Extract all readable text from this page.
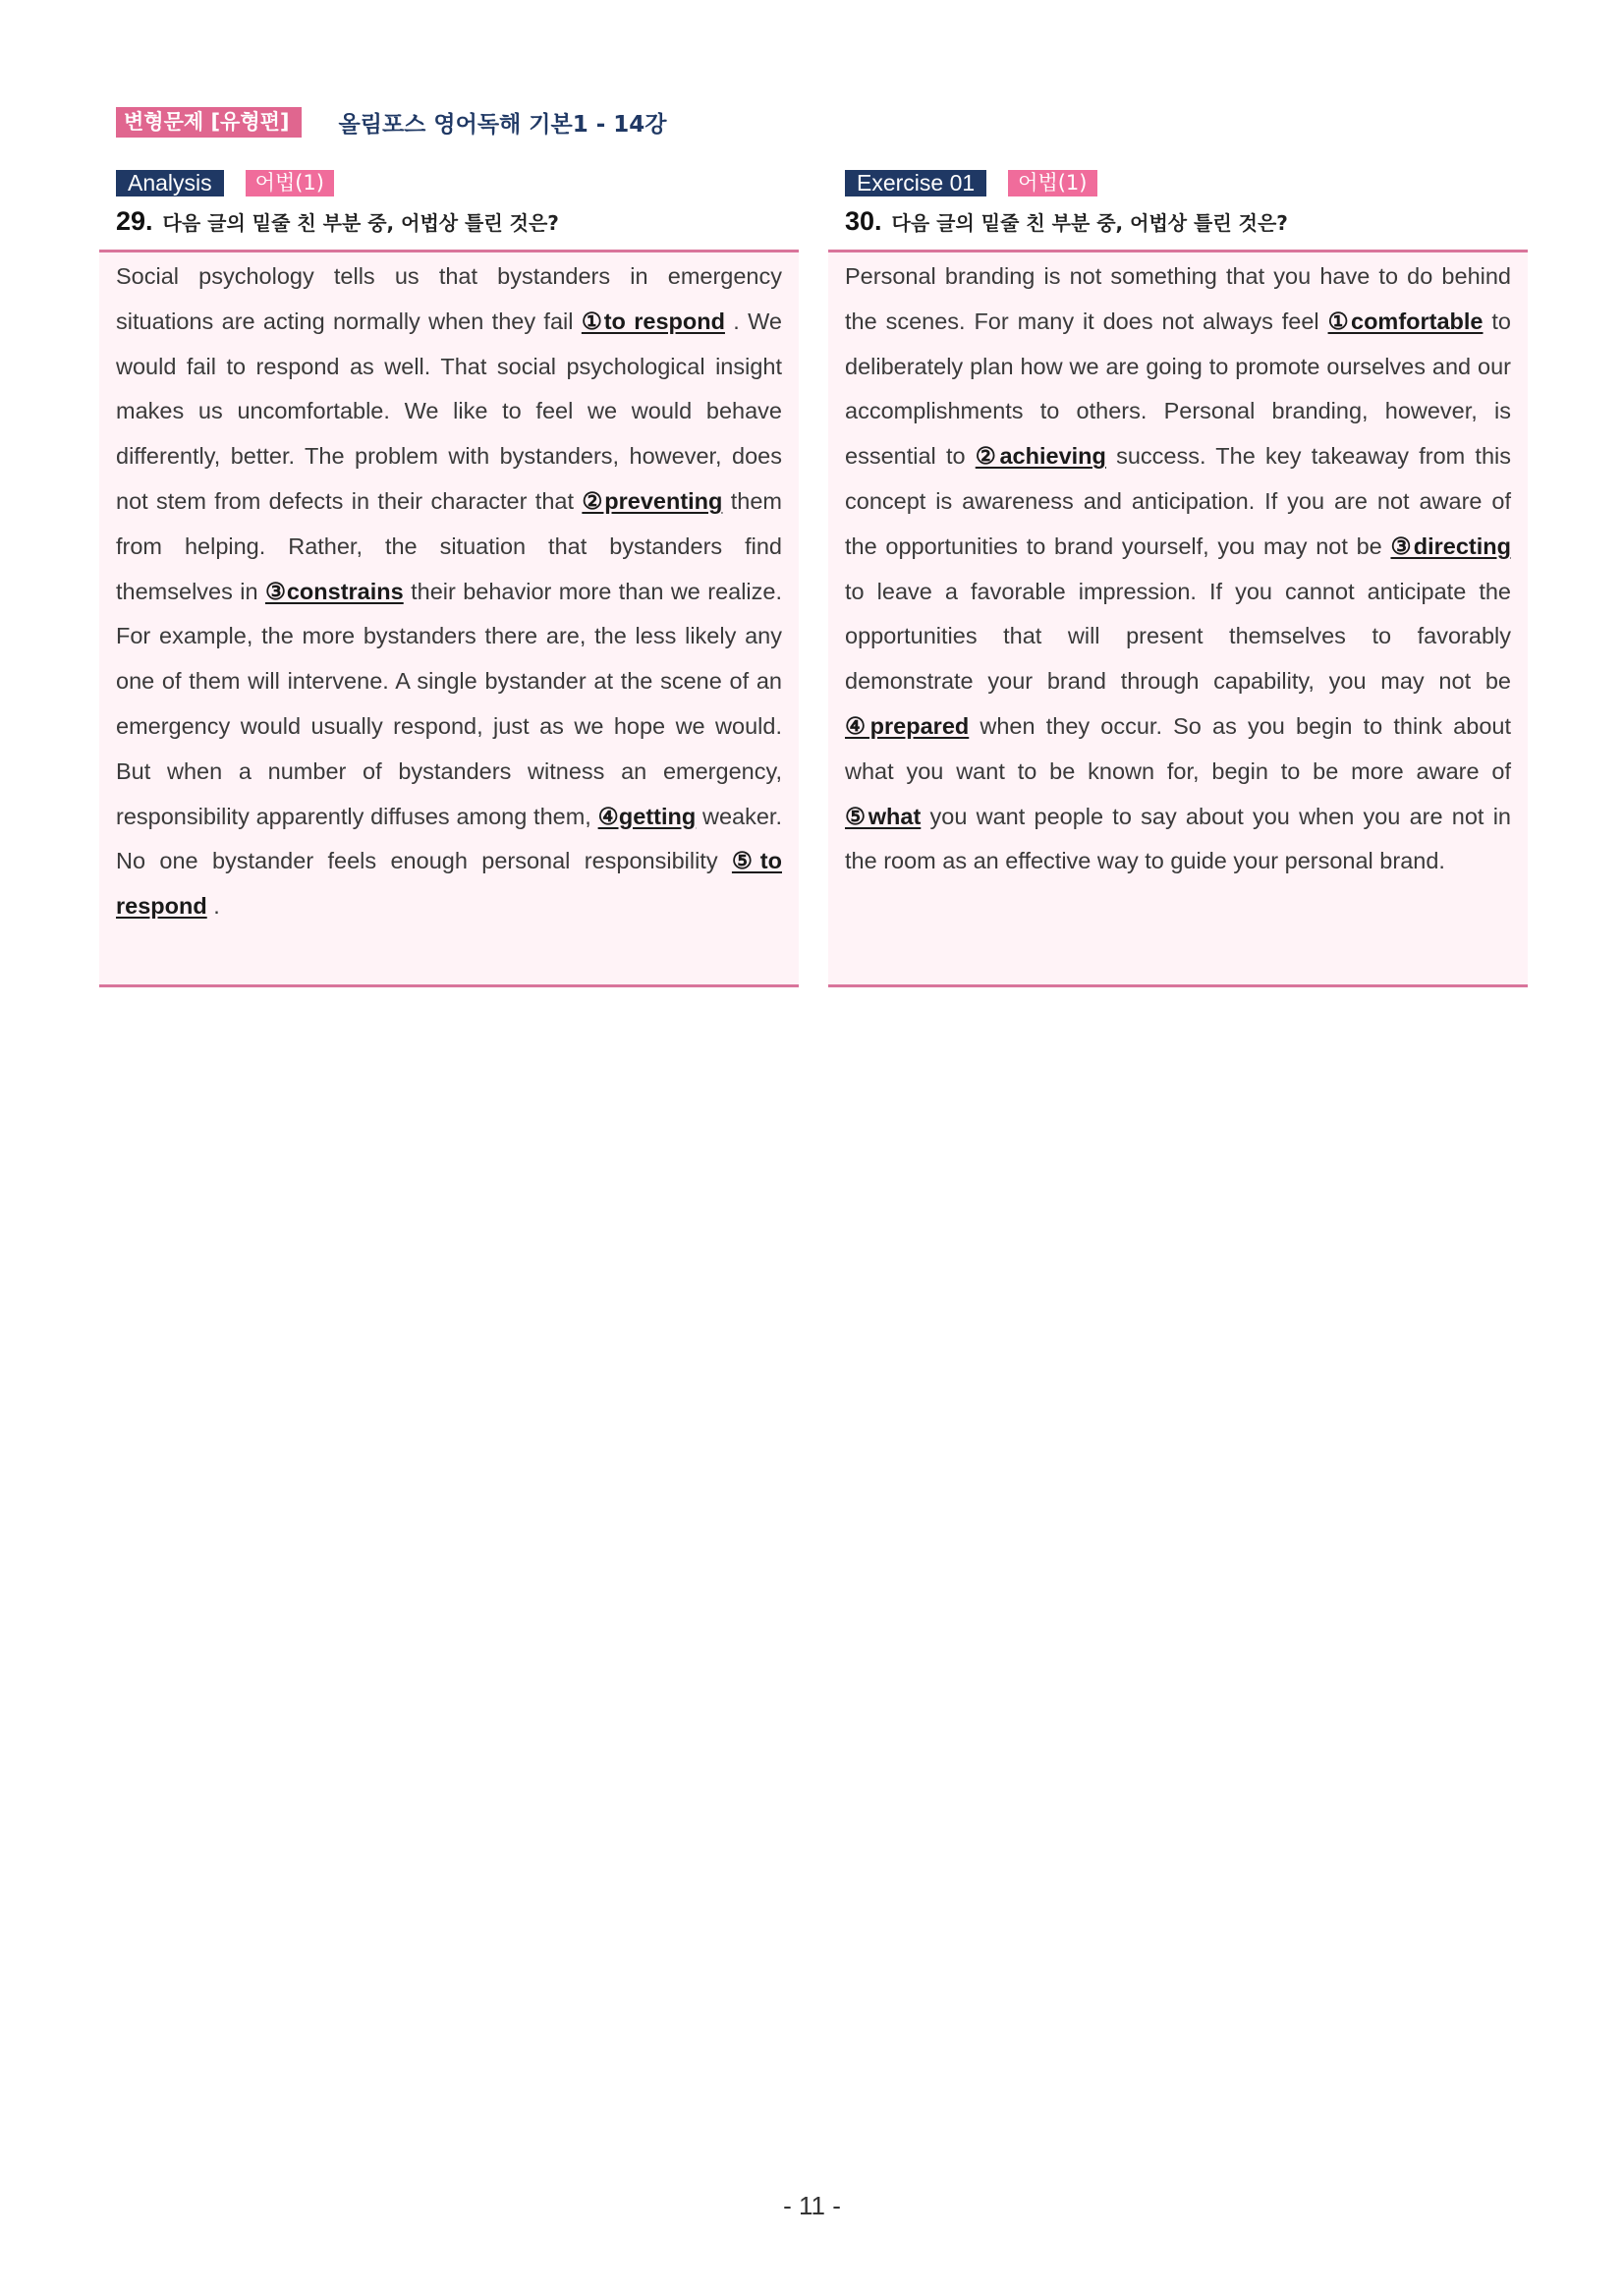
변형문제 [유형편]	올림포스 영어독해 기본1 - 14강
Analysis	어법(1)
29. 다음 글의 밑줄 친 부분 중, 어법상 틀린 것은?

Social psychology tells us that bystanders in emergency situations are acting normally when they fail ①to respond . We would fail to respond as well. That social psychological insight makes us uncomfortable. We like to feel we would behave differently, better. The problem with bystanders, however, does not stem from defects in their character that ②preventing them from helping. Rather, the situation that bystanders find themselves in ③constrains their behavior more than we realize. For example, the more bystanders there are, the less likely any one of them will intervene. A single bystander at the scene of an emergency would usually respond, just as we hope we would. But when a number of bystanders witness an emergency, responsibility apparently diffuses among them, ④getting weaker. No one bystander feels enough personal responsibility ⑤to respond .

Exercise 01	어법(1)
30. 다음 글의 밑줄 친 부분 중, 어법상 틀린 것은?

Personal branding is not something that you have to do behind the scenes. For many it does not always feel ①comfortable to deliberately plan how we are going to promote ourselves and our accomplishments to others. Personal branding, however, is essential to ②achieving success. The key takeaway from this concept is awareness and anticipation. If you are not aware of the opportunities to brand yourself, you may not be ③directing to leave a favorable impression. If you cannot anticipate the opportunities that will present themselves to favorably demonstrate your brand through capability, you may not be ④prepared when they occur. So as you begin to think about what you want to be known for, begin to be more aware of ⑤what you want people to say about you when you are not in the room as an effective way to guide your personal brand.

- 11 -
